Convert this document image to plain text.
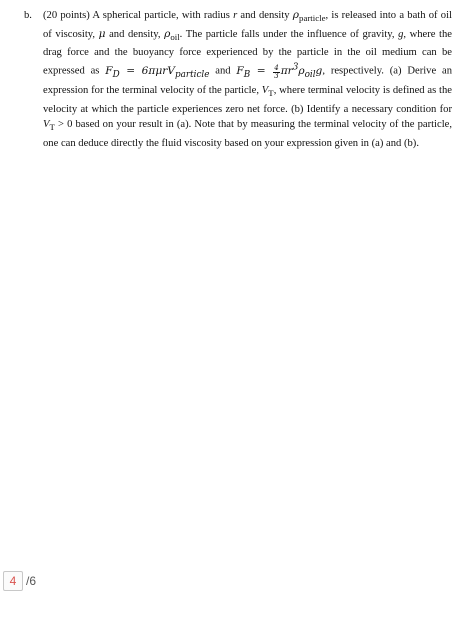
b.	(20 points) A spherical particle, with radius r and density $\rho_{particle}$, is released into a bath of oil of viscosity, μ and density, $\rho_{oil}$. The particle falls under the influence of gravity, g, where the drag force and the buoyancy force experienced by the particle in the oil medium can be expressed as $F_D = 6\pi\mu rV_{particle}$ and $F_B = \frac{4}{3} \pi r^3\rho_{oil}g$, respectively. (a) Derive an expression for the terminal velocity of the particle, $V_T$, where terminal velocity is defined as the velocity at which the particle experiences zero net force. (b) Identify a necessary condition for $V_T > 0$ based on your result in (a). Note that by measuring the terminal velocity of the particle, one can deduce directly the fluid viscosity based on your expression given in (a) and (b).
4 /6
